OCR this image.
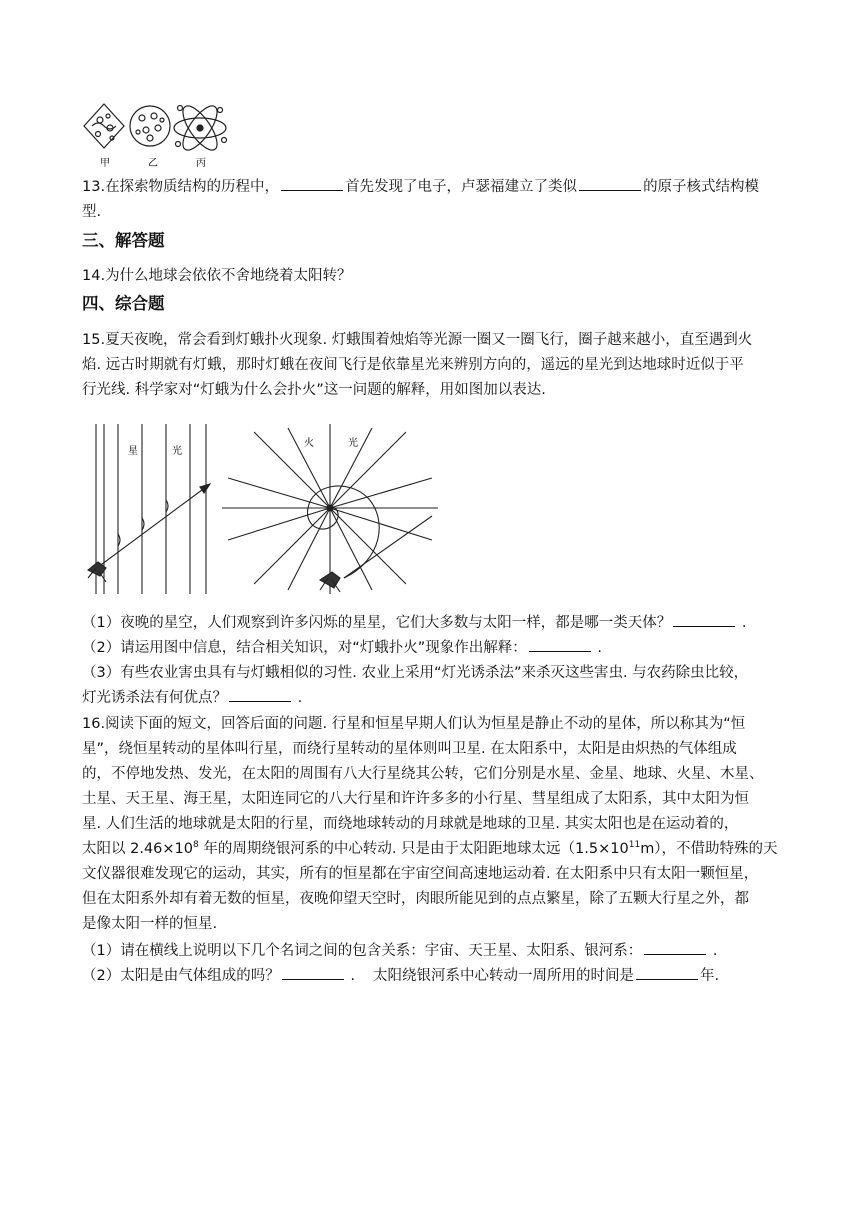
甲	乙	丙
13.在探索物质结构的历程中，	首先发现了电子，卢瑟福建立了类似	的原子核式结构模
型.
三、解答题
14.为什么地球会依依不舍地绕着太阳转？
四、综合题
15.夏天夜晚，常会看到灯蛾扑火现象. 灯蛾围着烛焰等光源一圈又一圈飞行，圈子越来越小，直至遇到火
焰. 远古时期就有灯蛾，那时灯蛾在夜间飞行是依靠星光来辨别方向的，遥远的星光到达地球时近似于平
行光线. 科学家对“灯蛾为什么会扑火”这一问题的解释，用如图加以表达.
星	光
火	光
（1）夜晚的星空，人们观察到许多闪烁的星星，它们大多数与太阳一样，都是哪一类天体？	.
（2）请运用图中信息，结合相关知识，对“灯蛾扑火”现象作出解释：	.
（3）有些农业害虫具有与灯蛾相似的习性. 农业上采用“灯光诱杀法”来杀灭这些害虫. 与农药除虫比较，
灯光诱杀法有何优点？	.
16.阅读下面的短文，回答后面的问题. 行星和恒星早期人们认为恒星是静止不动的星体，所以称其为“恒
星”，绕恒星转动的星体叫行星，而绕行星转动的星体则叫卫星. 在太阳系中，太阳是由炽热的气体组成
的，不停地发热、发光，在太阳的周围有八大行星绕其公转，它们分别是水星、金星、地球、火星、木星、
土星、天王星、海王星，太阳连同它的八大行星和许许多多的小行星、彗星组成了太阳系，其中太阳为恒
星. 人们生活的地球就是太阳的行星，而绕地球转动的月球就是地球的卫星. 其实太阳也是在运动着的，
太阳以 $2.46\times 10^8$ 年的周期绕银河系的中心转动. 只是由于太阳距地球太远$(1.5\times 10^{11}m)$，不借助特殊的天
文仪器很难发现它的运动，其实，所有的恒星都在宇宙空间高速地运动着. 在太阳系中只有太阳一颗恒星，
但在太阳系外却有着无数的恒星，夜晚仰望天空时，肉眼所能见到的点点繁星，除了五颗大行星之外，都
是像太阳一样的恒星.
（1）请在横线上说明以下几个名词之间的包含关系：宇宙、天王星、太阳系、银河系：	.
（2）太阳是由气体组成的吗？	. 太阳绕银河系中心转动一周所用的时间是	年.
